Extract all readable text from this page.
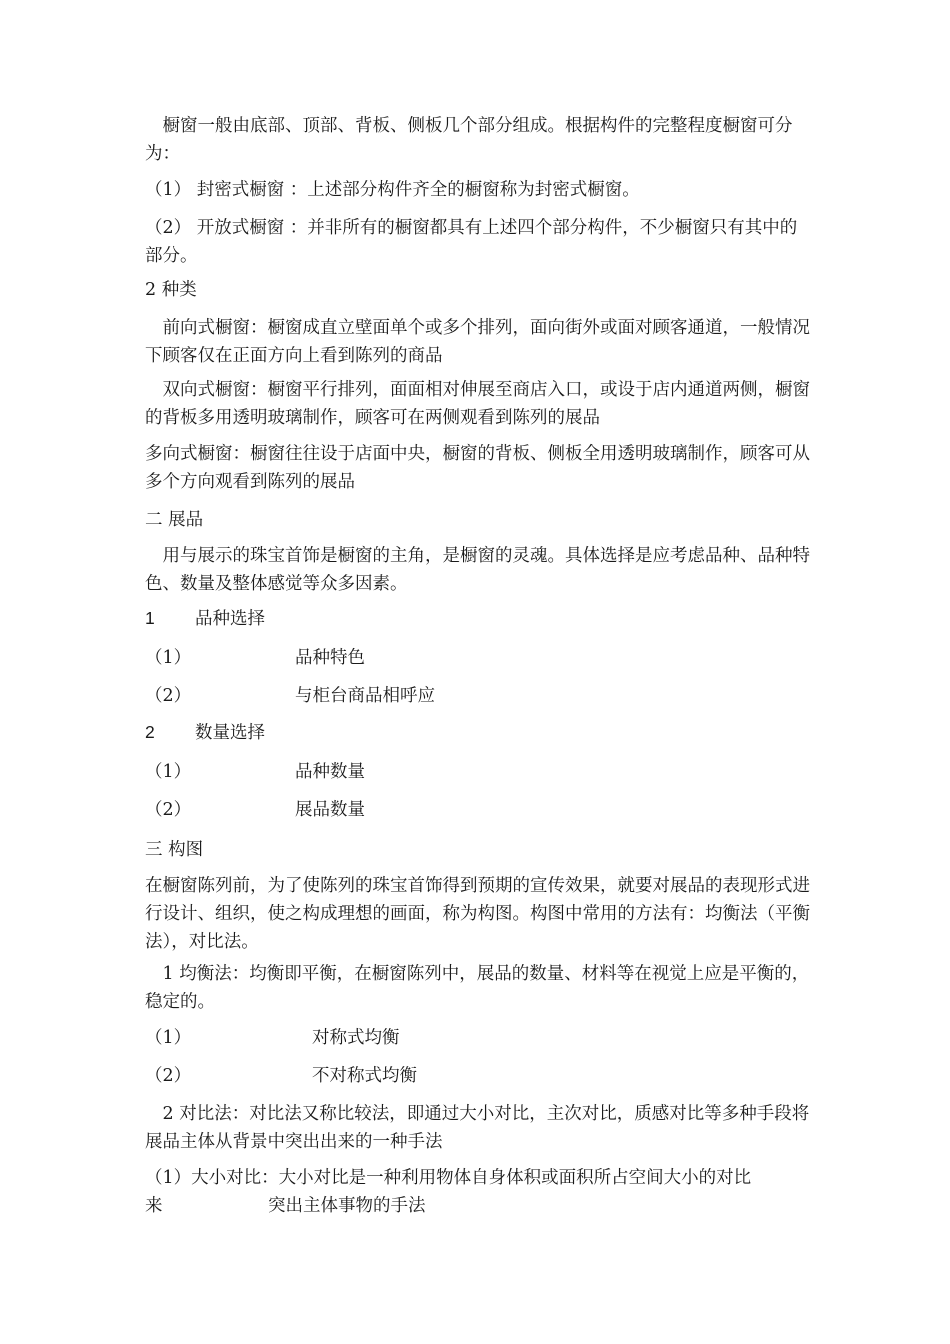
　橱窗一般由底部、顶部、背板、侧板几个部分组成。根据构件的完整程度橱窗可分为：

（1） 封密式橱窗 ：上述部分构件齐全的橱窗称为封密式橱窗。

（2） 开放式橱窗 ：并非所有的橱窗都具有上述四个部分构件，不少橱窗只有其中的部分。

2 种类

　前向式橱窗：橱窗成直立壁面单个或多个排列，面向街外或面对顾客通道，一般情况下顾客仅在正面方向上看到陈列的商品

　双向式橱窗：橱窗平行排列，面面相对伸展至商店入口，或设于店内通道两侧，橱窗的背板多用透明玻璃制作，顾客可在两侧观看到陈列的展品

多向式橱窗：橱窗往往设于店面中央，橱窗的背板、侧板全用透明玻璃制作，顾客可从多个方向观看到陈列的展品

二 展品

　用与展示的珠宝首饰是橱窗的主角，是橱窗的灵魂。具体选择是应考虑品种、品种特色、数量及整体感觉等众多因素。

1 品种选择
（1）	品种特色
（2）	与柜台商品相呼应
2 数量选择
（1）	品种数量
（2）	展品数量

三 构图

在橱窗陈列前，为了使陈列的珠宝首饰得到预期的宣传效果，就要对展品的表现形式进行设计、组织，使之构成理想的画面，称为构图。构图中常用的方法有：均衡法（平衡法），对比法。

　1 均衡法：均衡即平衡，在橱窗陈列中，展品的数量、材料等在视觉上应是平衡的，稳定的。

（1）	对称式均衡
（2）	不对称式均衡

　2 对比法：对比法又称比较法，即通过大小对比，主次对比，质感对比等多种手段将展品主体从背景中突出出来的一种手法

（1）大小对比：大小对比是一种利用物体自身体积或面积所占空间大小的对比
来	突出主体事物的手法
